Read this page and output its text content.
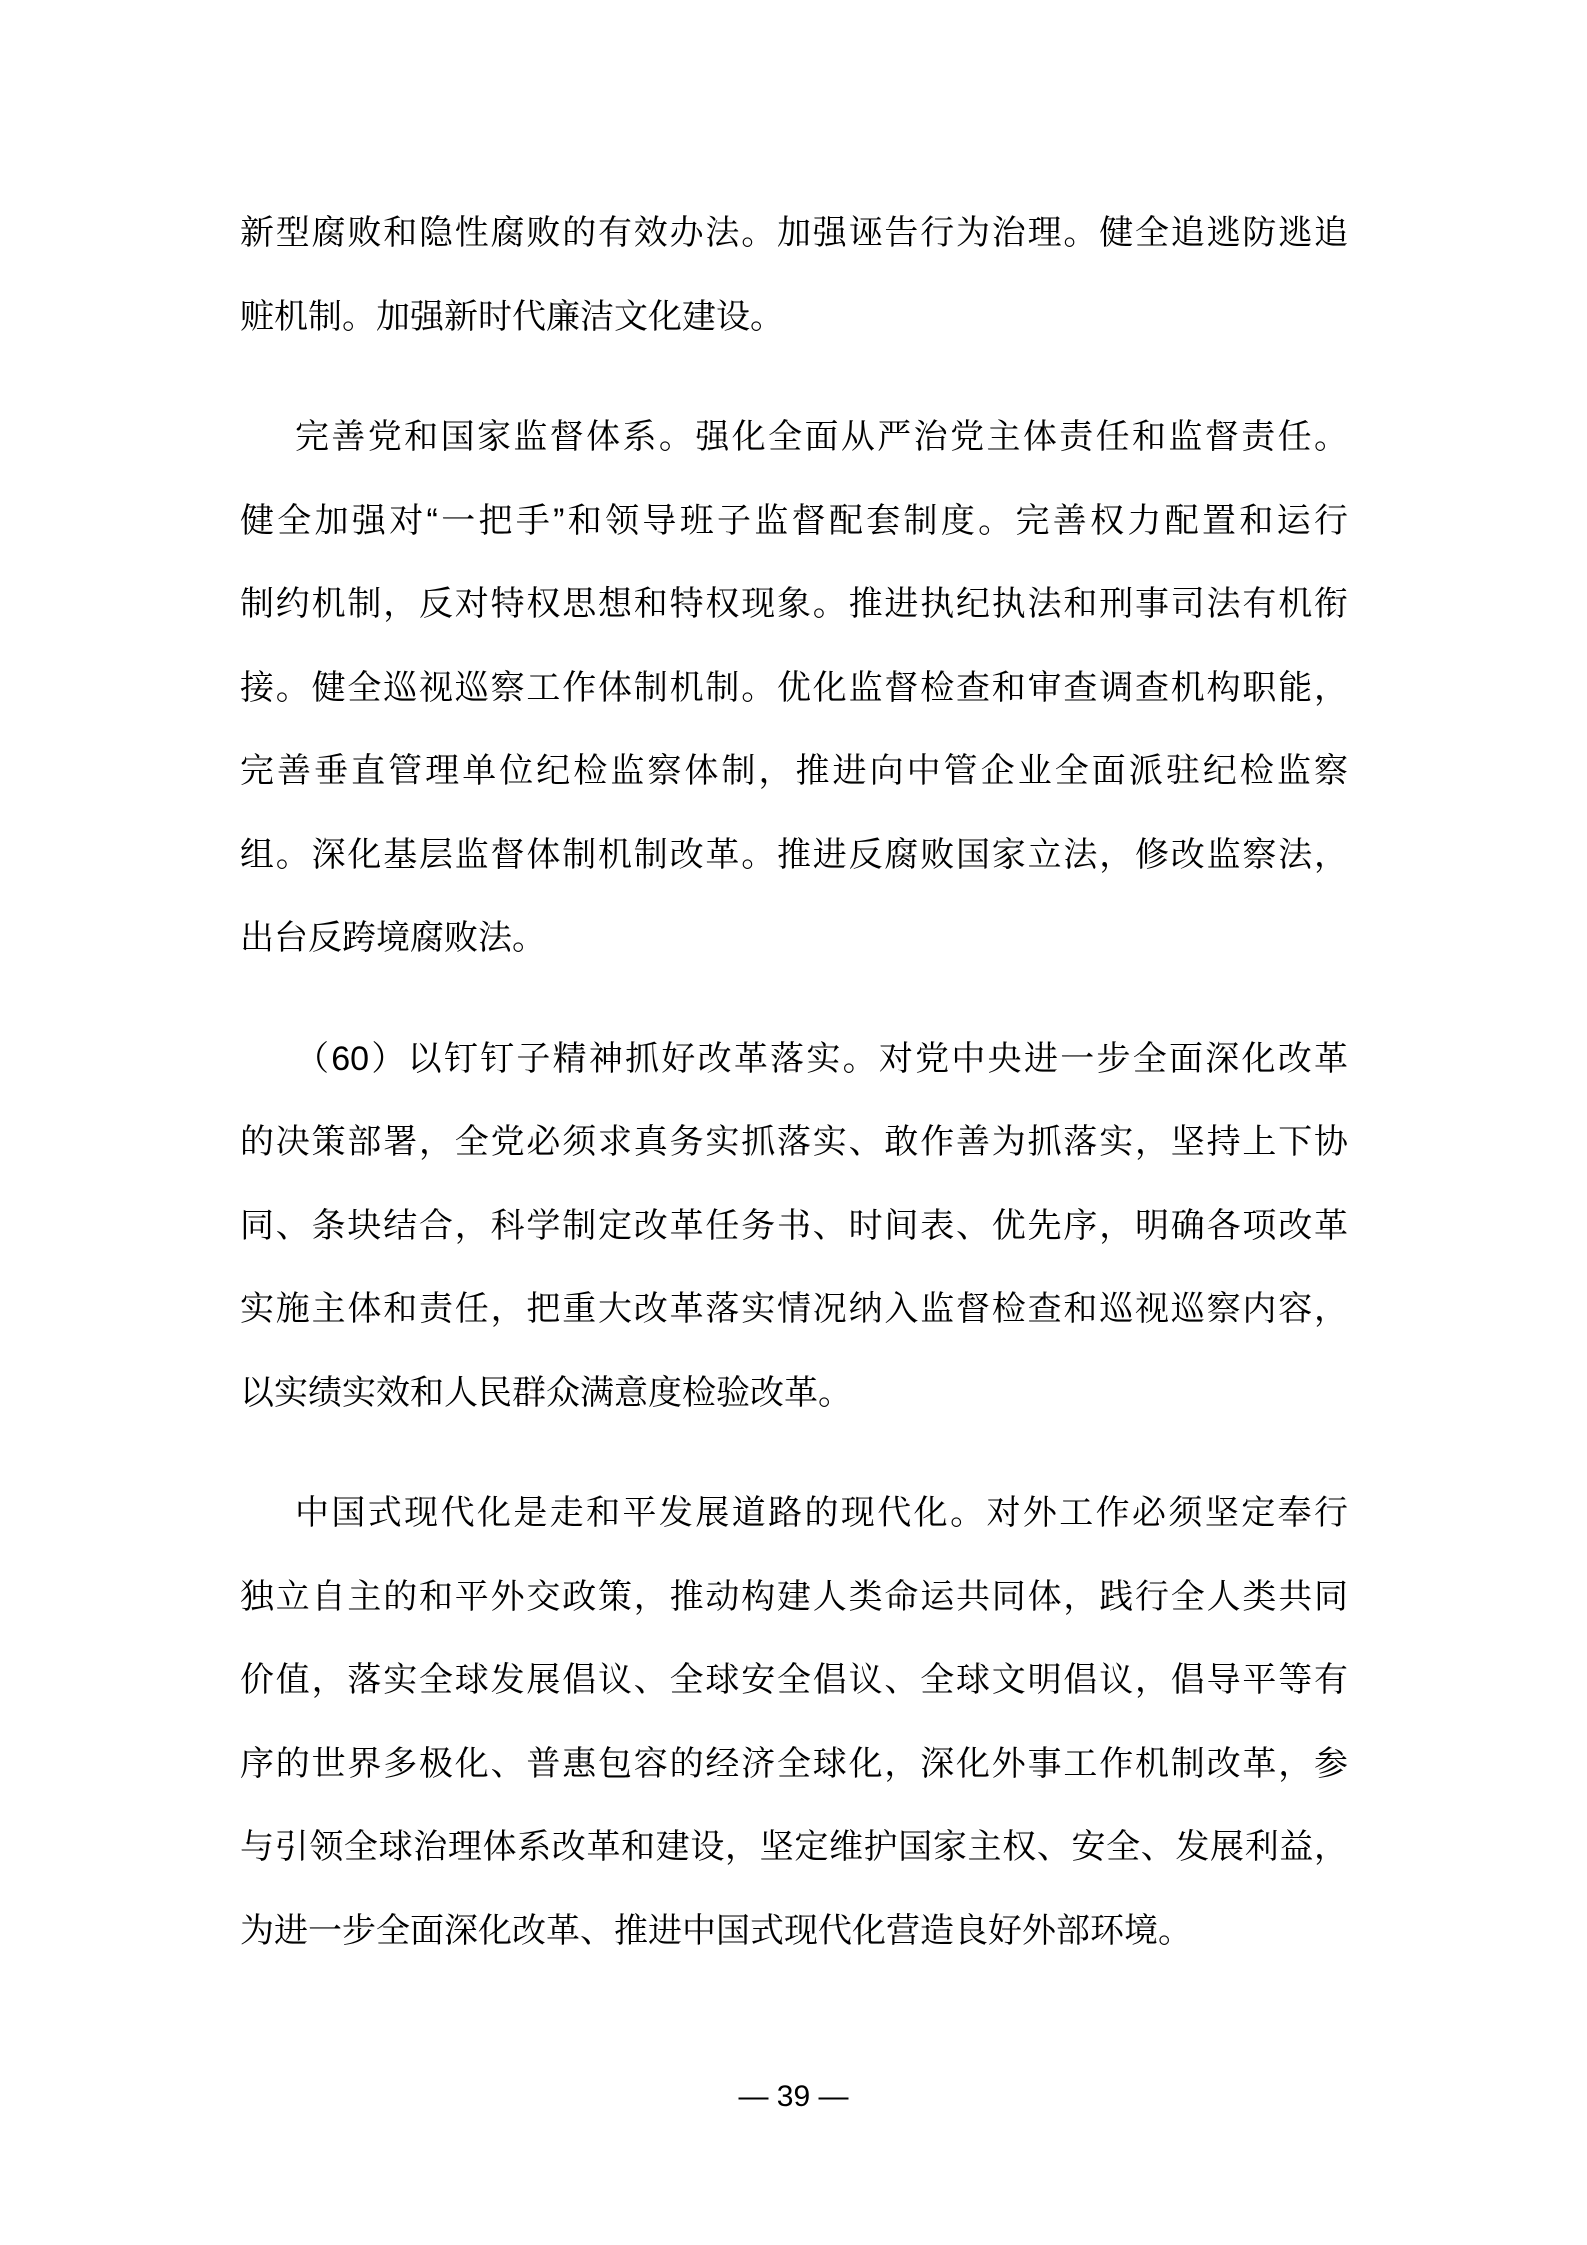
新型腐败和隐性腐败的有效办法。加强诬告行为治理。健全追逃防逃追
赃机制。加强新时代廉洁文化建设。
完善党和国家监督体系。强化全面从严治党主体责任和监督责任。
健全加强对“一把手”和领导班子监督配套制度。完善权力配置和运行
制约机制，反对特权思想和特权现象。推进执纪执法和刑事司法有机衔
接。健全巡视巡察工作体制机制。优化监督检查和审查调查机构职能，
完善垂直管理单位纪检监察体制，推进向中管企业全面派驻纪检监察
组。深化基层监督体制机制改革。推进反腐败国家立法，修改监察法，
出台反跨境腐败法。
（60）以钉钉子精神抓好改革落实。对党中央进一步全面深化改革
的决策部署，全党必须求真务实抓落实、敢作善为抓落实，坚持上下协
同、条块结合，科学制定改革任务书、时间表、优先序，明确各项改革
实施主体和责任，把重大改革落实情况纳入监督检查和巡视巡察内容，
以实绩实效和人民群众满意度检验改革。
中国式现代化是走和平发展道路的现代化。对外工作必须坚定奉行
独立自主的和平外交政策，推动构建人类命运共同体，践行全人类共同
价值，落实全球发展倡议、全球安全倡议、全球文明倡议，倡导平等有
序的世界多极化、普惠包容的经济全球化，深化外事工作机制改革，参
与引领全球治理体系改革和建设，坚定维护国家主权、安全、发展利益，
为进一步全面深化改革、推进中国式现代化营造良好外部环境。
— 39 —
